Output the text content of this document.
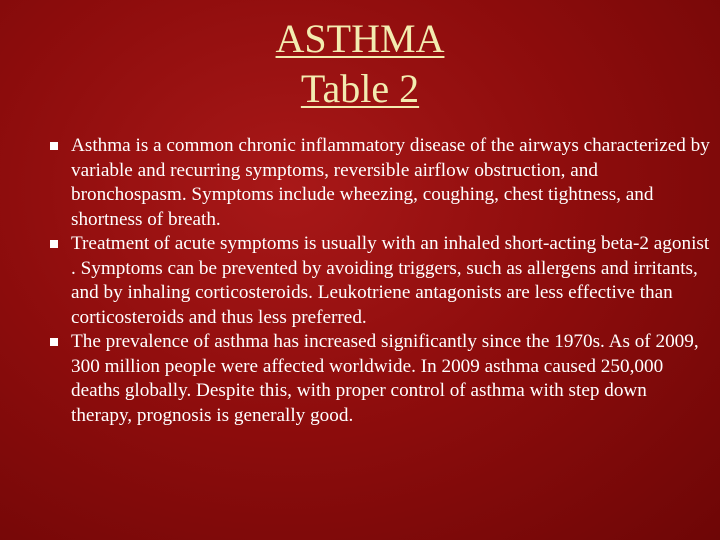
ASTHMA
Table 2
Asthma is a common chronic inflammatory disease of the airways characterized by variable and recurring symptoms, reversible airflow obstruction, and bronchospasm. Symptoms include wheezing, coughing, chest tightness, and shortness of breath.
Treatment of acute symptoms is usually with an inhaled short-acting beta-2 agonist . Symptoms can be prevented by avoiding triggers, such as allergens and irritants, and by inhaling corticosteroids. Leukotriene antagonists are less effective than corticosteroids and thus less preferred.
The prevalence of asthma has increased significantly since the 1970s. As of 2009, 300 million people were affected worldwide. In 2009 asthma caused 250,000 deaths globally. Despite this, with proper control of asthma with step down therapy, prognosis is generally good.
